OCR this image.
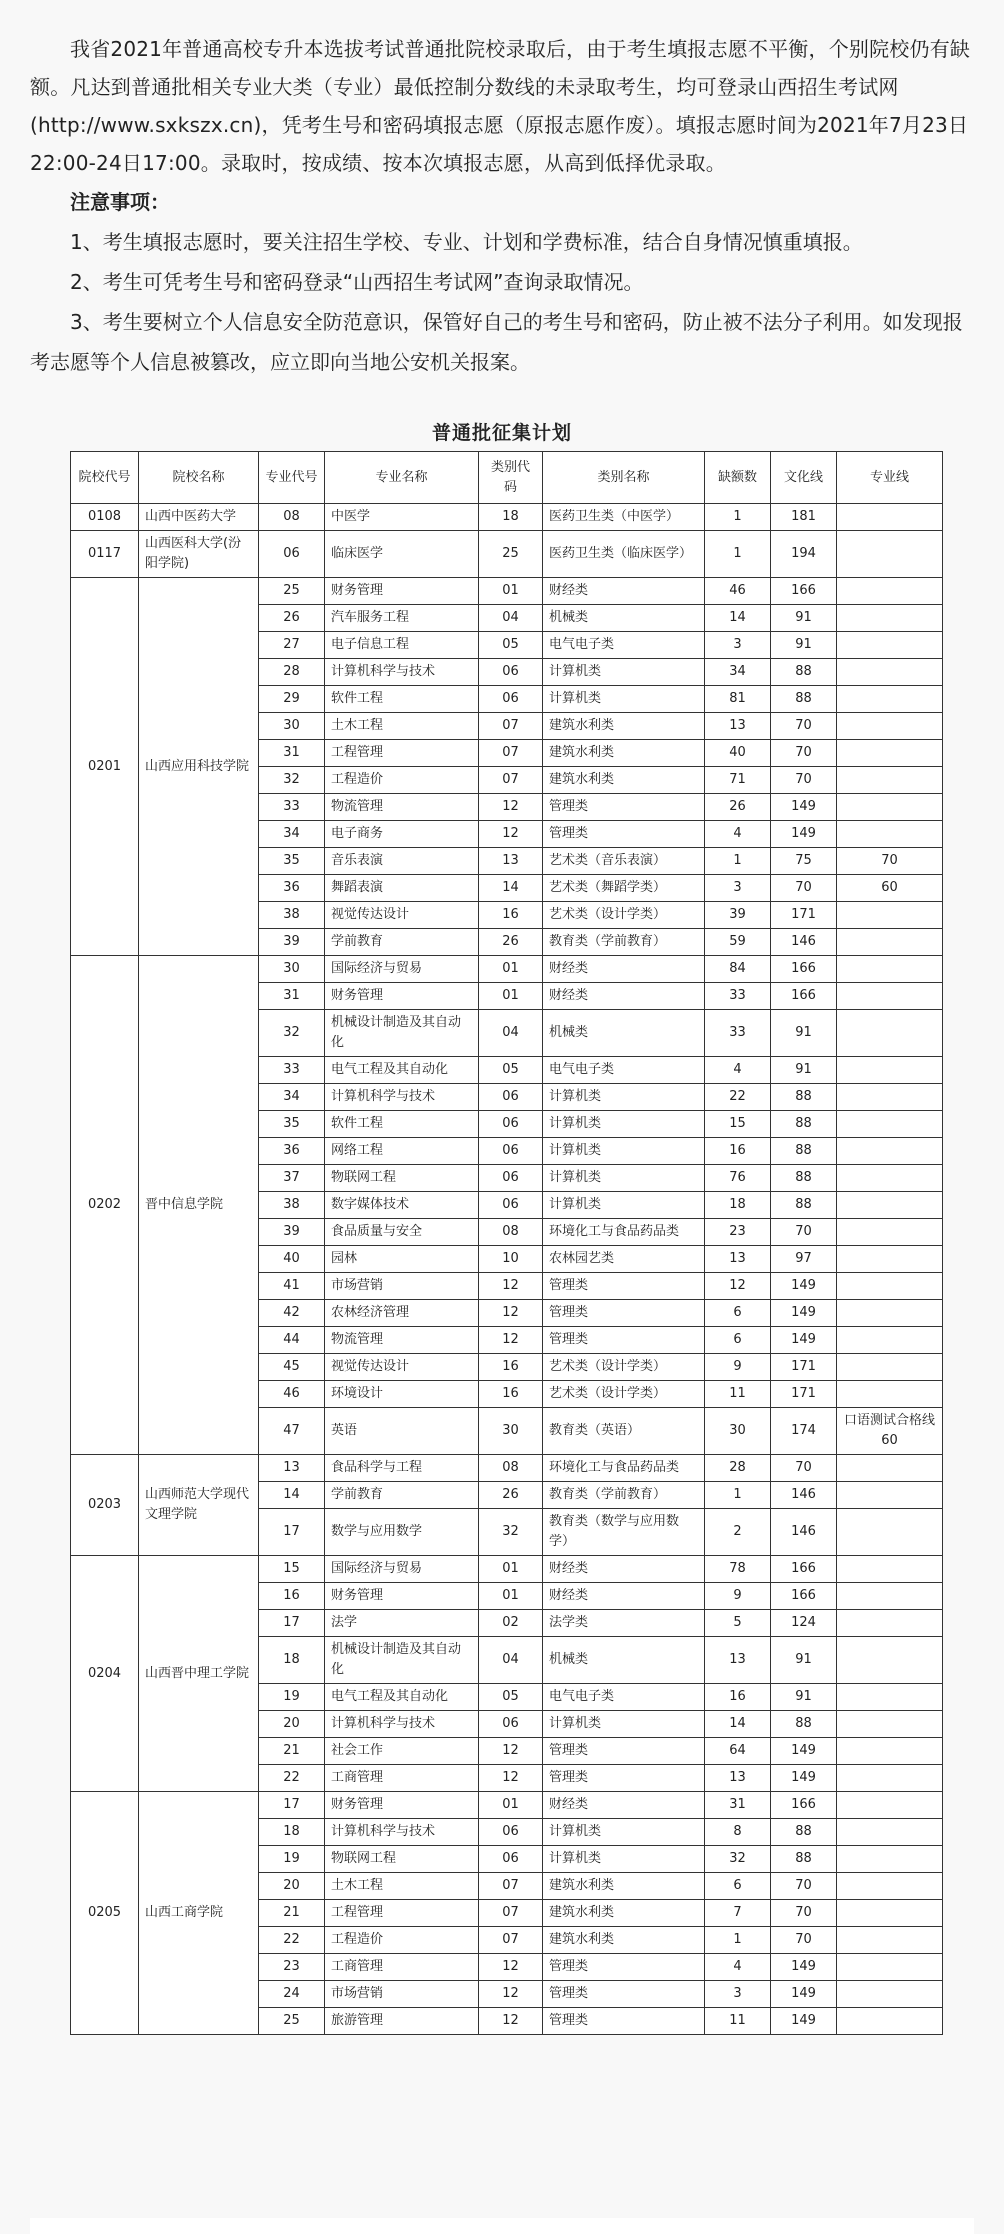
我省2021年普通高校专升本选拔考试普通批院校录取后，由于考生填报志愿不平衡，个别院校仍有缺额。凡达到普通批相关专业大类（专业）最低控制分数线的未录取考生，均可登录山西招生考试网(http://www.sxkszx.cn)，凭考生号和密码填报志愿（原报志愿作废）。填报志愿时间为2021年7月23日22:00-24日17:00。录取时，按成绩、按本次填报志愿，从高到低择优录取。

注意事项：

1、考生填报志愿时，要关注招生学校、专业、计划和学费标准，结合自身情况慎重填报。

2、考生可凭考生号和密码登录“山西招生考试网”查询录取情况。

3、考生要树立个人信息安全防范意识，保管好自己的考生号和密码，防止被不法分子利用。如发现报考志愿等个人信息被篡改，应立即向当地公安机关报案。

普通批征集计划
院校代号	院校名称	专业代号	专业名称	类别代码	类别名称	缺额数	文化线	专业线
0108	山西中医药大学	08	中医学	18	医药卫生类（中医学）	1	181	
0117	山西医科大学(汾阳学院)	06	临床医学	25	医药卫生类（临床医学）	1	194	
0201	山西应用科技学院	25	财务管理	01	财经类	46	166	
		26	汽车服务工程	04	机械类	14	91	
		27	电子信息工程	05	电气电子类	3	91	
		28	计算机科学与技术	06	计算机类	34	88	
		29	软件工程	06	计算机类	81	88	
		30	土木工程	07	建筑水利类	13	70	
		31	工程管理	07	建筑水利类	40	70	
		32	工程造价	07	建筑水利类	71	70	
		33	物流管理	12	管理类	26	149	
		34	电子商务	12	管理类	4	149	
		35	音乐表演	13	艺术类（音乐表演）	1	75	70
		36	舞蹈表演	14	艺术类（舞蹈学类）	3	70	60
		38	视觉传达设计	16	艺术类（设计学类）	39	171	
		39	学前教育	26	教育类（学前教育）	59	146	
0202	晋中信息学院	30	国际经济与贸易	01	财经类	84	166	
		31	财务管理	01	财经类	33	166	
		32	机械设计制造及其自动化	04	机械类	33	91	
		33	电气工程及其自动化	05	电气电子类	4	91	
		34	计算机科学与技术	06	计算机类	22	88	
		35	软件工程	06	计算机类	15	88	
		36	网络工程	06	计算机类	16	88	
		37	物联网工程	06	计算机类	76	88	
		38	数字媒体技术	06	计算机类	18	88	
		39	食品质量与安全	08	环境化工与食品药品类	23	70	
		40	园林	10	农林园艺类	13	97	
		41	市场营销	12	管理类	12	149	
		42	农林经济管理	12	管理类	6	149	
		44	物流管理	12	管理类	6	149	
		45	视觉传达设计	16	艺术类（设计学类）	9	171	
		46	环境设计	16	艺术类（设计学类）	11	171	
		47	英语	30	教育类（英语）	30	174	口语测试合格线60
0203	山西师范大学现代文理学院	13	食品科学与工程	08	环境化工与食品药品类	28	70	
		14	学前教育	26	教育类（学前教育）	1	146	
		17	数学与应用数学	32	教育类（数学与应用数学）	2	146	
0204	山西晋中理工学院	15	国际经济与贸易	01	财经类	78	166	
		16	财务管理	01	财经类	9	166	
		17	法学	02	法学类	5	124	
		18	机械设计制造及其自动化	04	机械类	13	91	
		19	电气工程及其自动化	05	电气电子类	16	91	
		20	计算机科学与技术	06	计算机类	14	88	
		21	社会工作	12	管理类	64	149	
		22	工商管理	12	管理类	13	149	
0205	山西工商学院	17	财务管理	01	财经类	31	166	
		18	计算机科学与技术	06	计算机类	8	88	
		19	物联网工程	06	计算机类	32	88	
		20	土木工程	07	建筑水利类	6	70	
		21	工程管理	07	建筑水利类	7	70	
		22	工程造价	07	建筑水利类	1	70	
		23	工商管理	12	管理类	4	149	
		24	市场营销	12	管理类	3	149	
		25	旅游管理	12	管理类	11	149	
